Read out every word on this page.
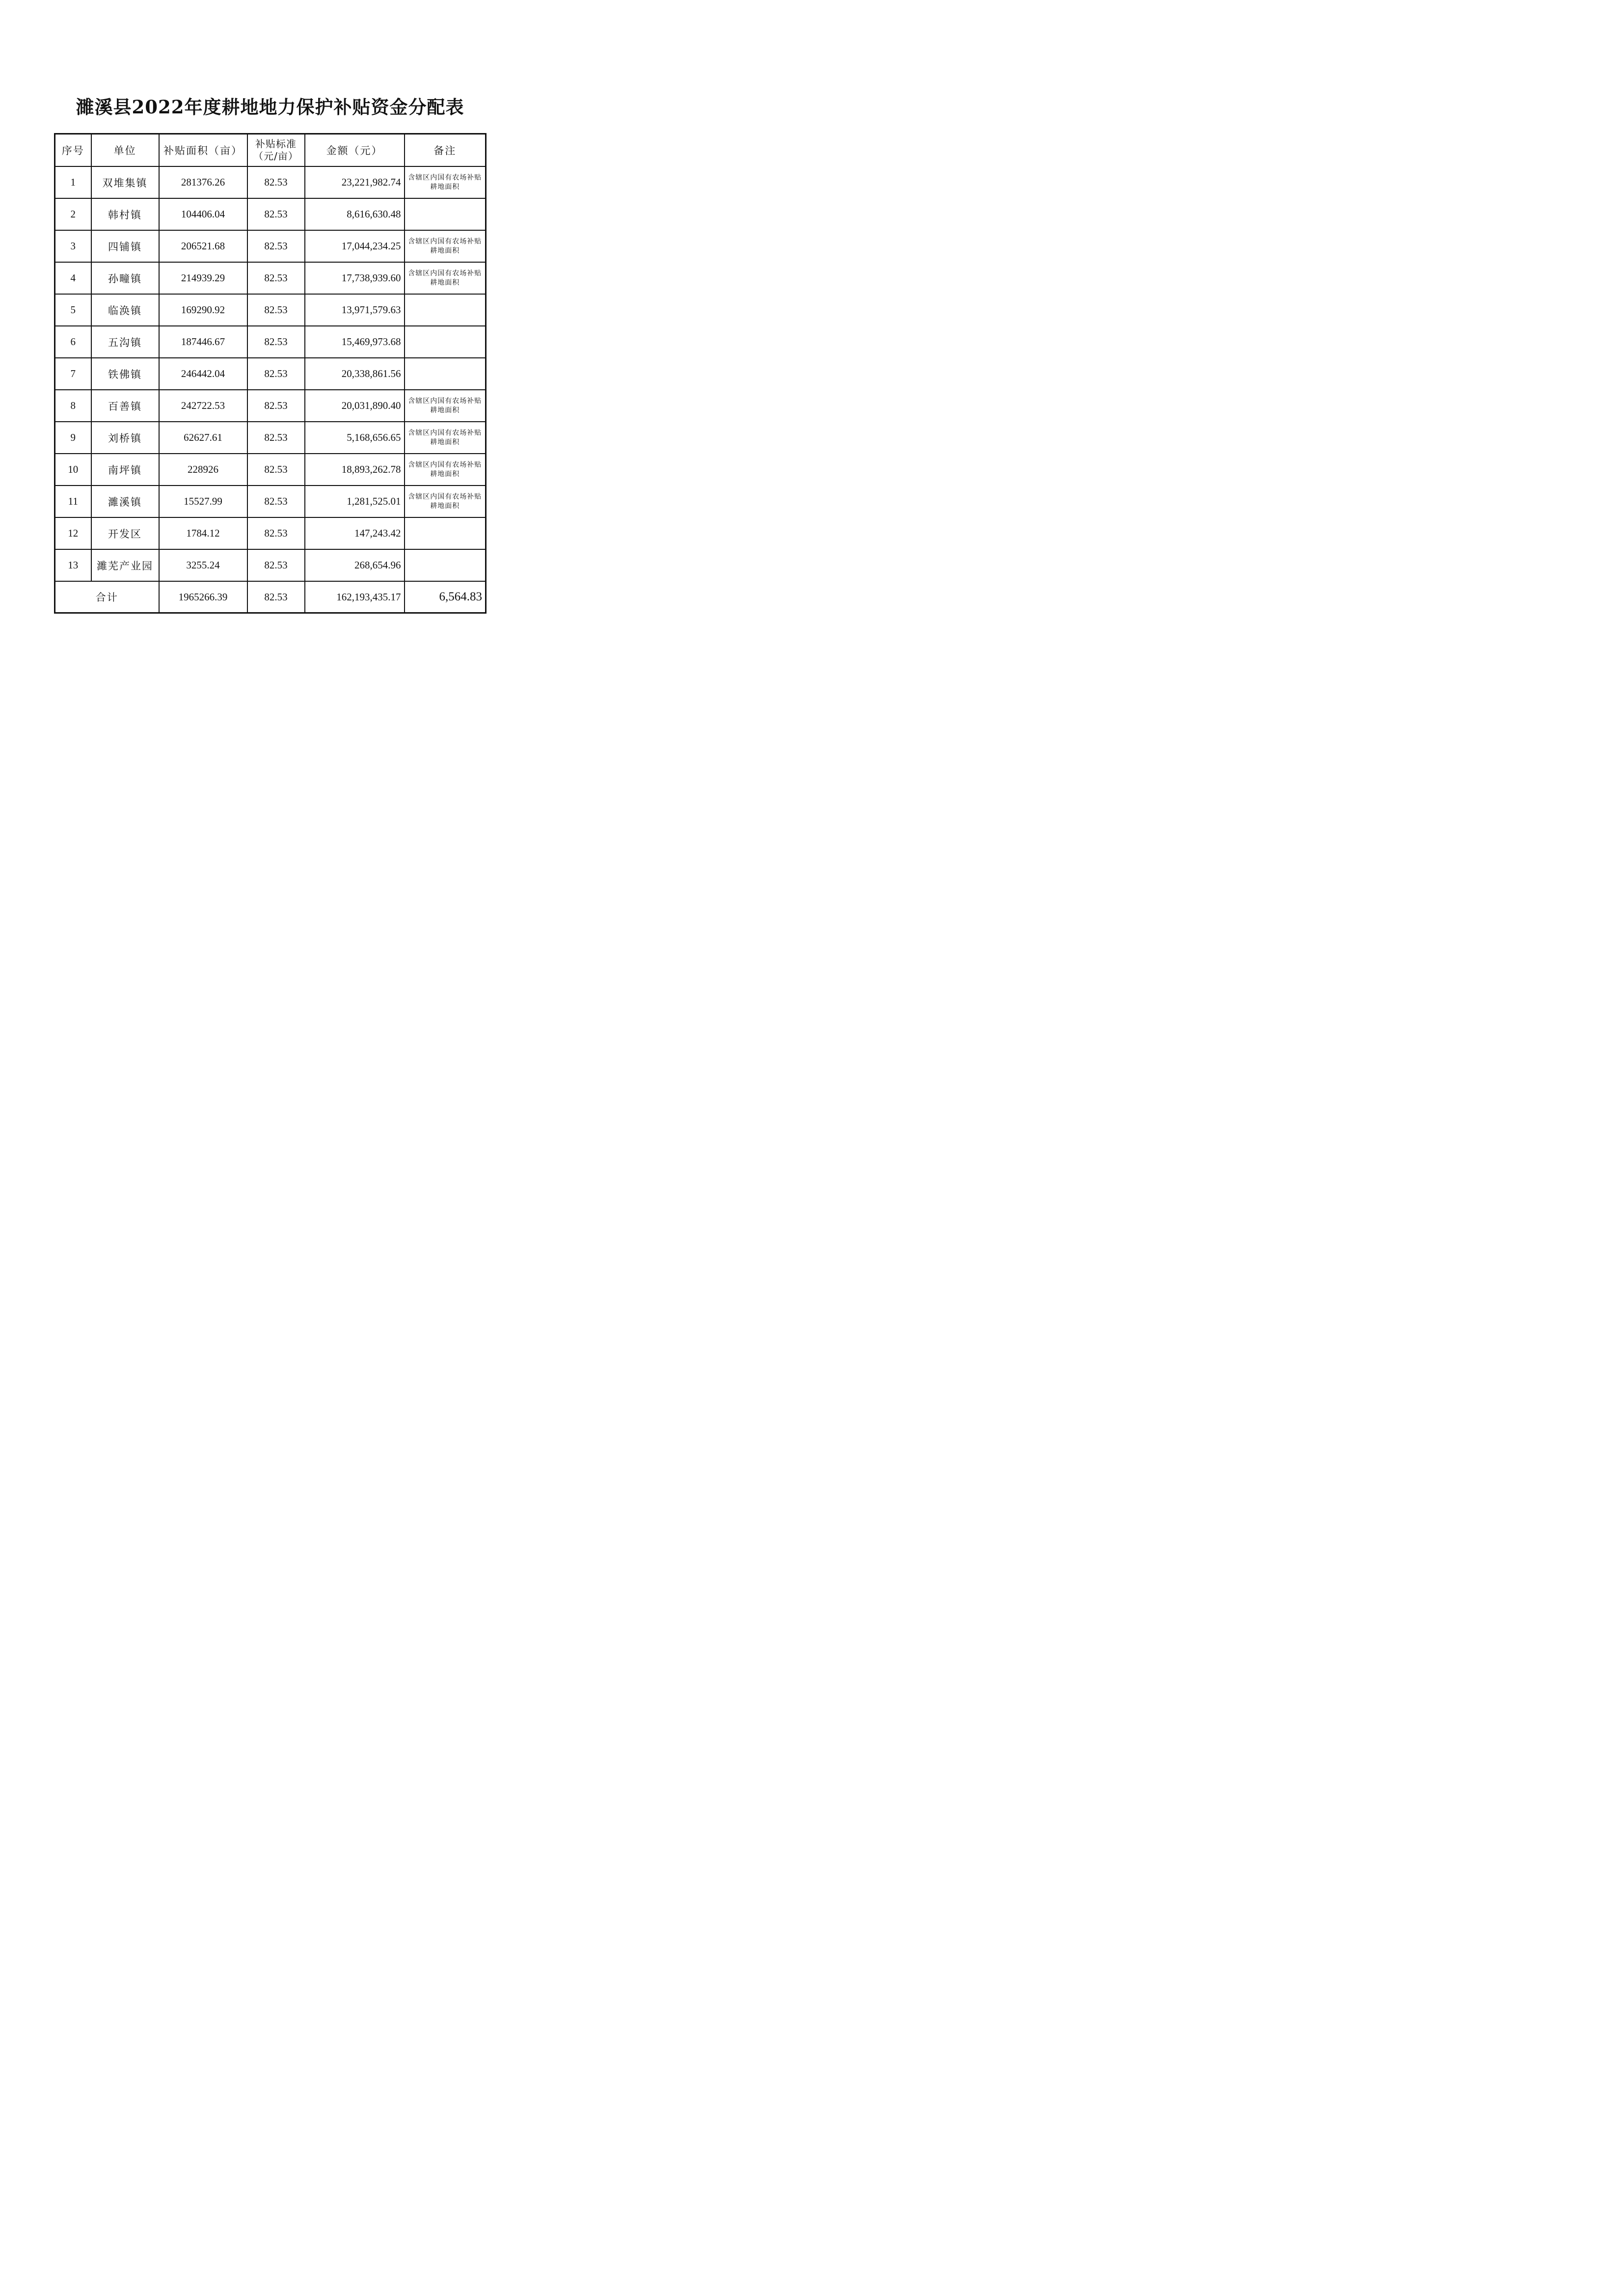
濉溪县2022年度耕地地力保护补贴资金分配表
序号	单位	补贴面积（亩）	补贴标准
（元/亩）	金额（元）	备注
1	双堆集镇	281376.26	82.53	23,221,982.74	含辖区内国有农场补贴耕地面积

2	韩村镇	104406.04	82.53	8,616,630.48	

3	四铺镇	206521.68	82.53	17,044,234.25	含辖区内国有农场补贴耕地面积

4	孙疃镇	214939.29	82.53	17,738,939.60	含辖区内国有农场补贴耕地面积

5	临涣镇	169290.92	82.53	13,971,579.63	

6	五沟镇	187446.67	82.53	15,469,973.68	

7	铁佛镇	246442.04	82.53	20,338,861.56	

8	百善镇	242722.53	82.53	20,031,890.40	含辖区内国有农场补贴耕地面积

9	刘桥镇	62627.61	82.53	5,168,656.65	含辖区内国有农场补贴耕地面积

10	南坪镇	228926	82.53	18,893,262.78	含辖区内国有农场补贴耕地面积

11	濉溪镇	15527.99	82.53	1,281,525.01	含辖区内国有农场补贴耕地面积

12	开发区	1784.12	82.53	147,243.42	

13	濉芜产业园	3255.24	82.53	268,654.96	

合计		1965266.39	82.53	162,193,435.17	6,564.83
